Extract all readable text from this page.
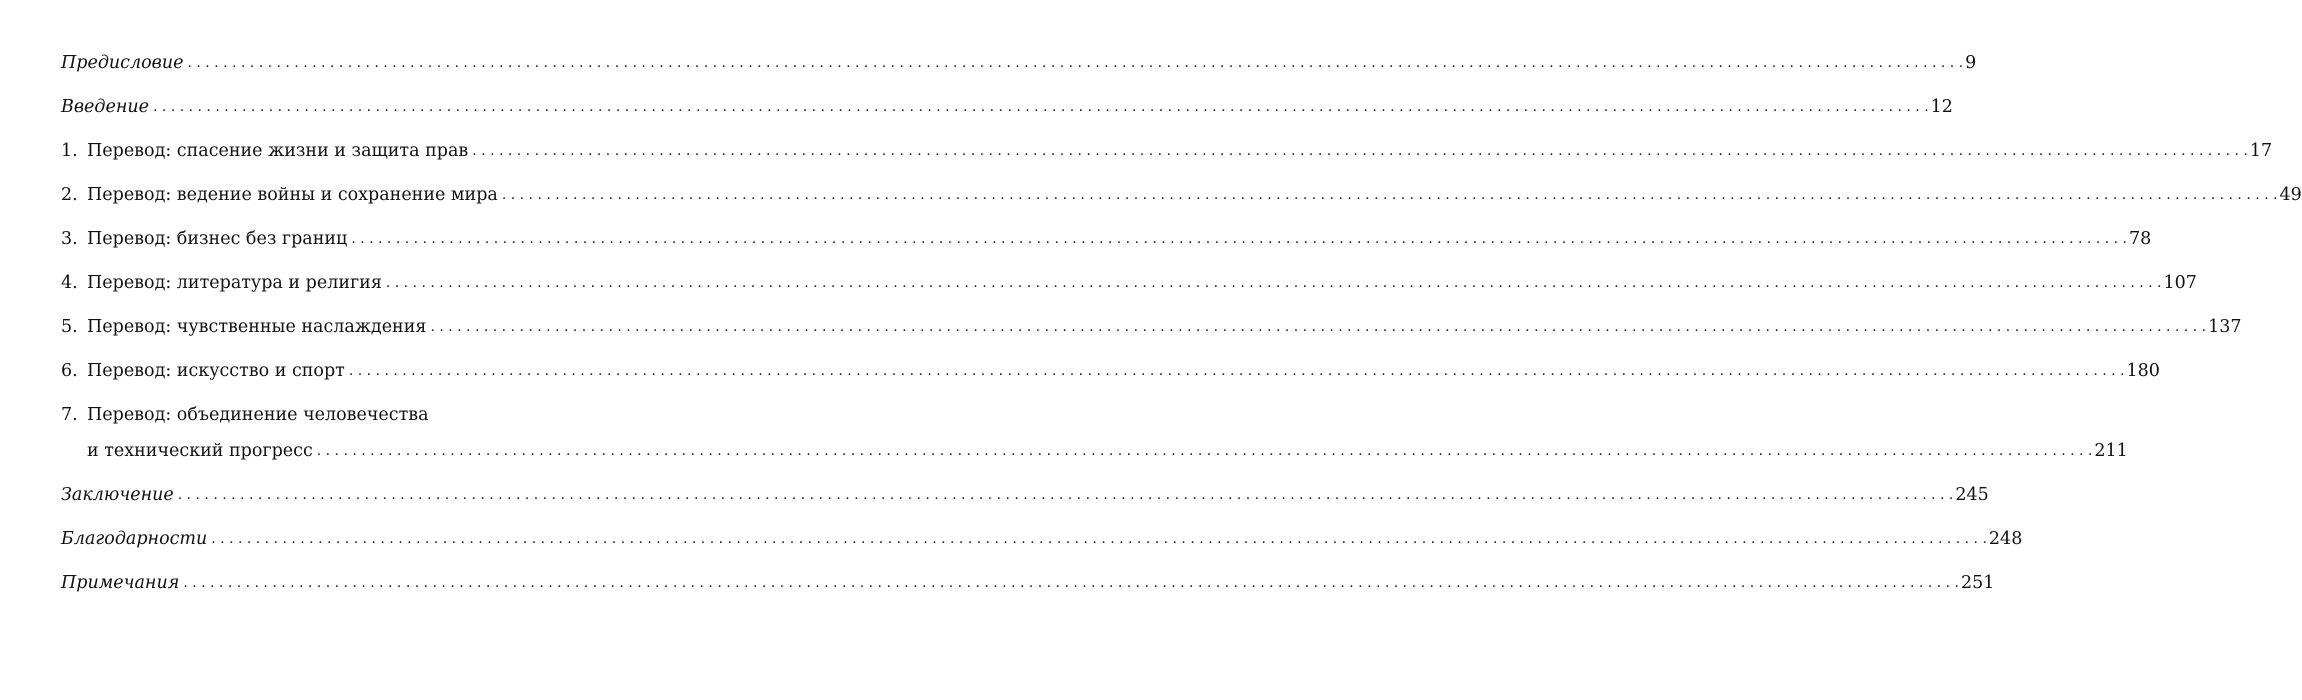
Предисловие . . . . . . . . . . . . . . . . . . . . . . . . . . . . . . . . . . . . . . . . . . . . . . . . . . . . . . . . . . . . . . . . . . . . . . . . . . . . . . . . . . . . . . . . . . . . . . . . . . . . . . . . . . . . . . . . . . . . . . . . . . . . . . . . . . . . . . . . . . . . . . . . . . . . . . . . . . . . . . . . . . . . . . . . . . . . . . . . . . . . . . . . . . . . . . . . . . . . . . . . 9
Введение . . . . . . . . . . . . . . . . . . . . . . . . . . . . . . . . . . . . . . . . . . . . . . . . . . . . . . . . . . . . . . . . . . . . . . . . . . . . . . . . . . . . . . . . . . . . . . . . . . . . . . . . . . . . . . . . . . . . . . . . . . . . . . . . . . . . . . . . . . . . . . . . . . . . . . . . . . . . . . . . . . . . . . . . . . . . . . . . . . . . . . . . . . . . . . . . . . . . . . . . 12
1. Перевод: спасение жизни и защита прав . . . . . . . . . . . . . . . . . . . . . . . . . . . . . . . . . . . . . . . . . . . . . . . . . . . . . . . . . . . . . . . . . . . . . . . . . . . . . . . . . . . . . . . . . . . . . . . . . . . . . . . . . . . . . . . . . . . . . . . . . . . . . . . . . . . . . . . . . . . . . . . . . . . . . . . . . . . . . . . . . . . . . . . . . . . . . . . . . . . . . . . . . . . . . . . . . . . . . . . . 17
2. Перевод: ведение войны и сохранение мира . . . . . . . . . . . . . . . . . . . . . . . . . . . . . . . . . . . . . . . . . . . . . . . . . . . . . . . . . . . . . . . . . . . . . . . . . . . . . . . . . . . . . . . . . . . . . . . . . . . . . . . . . . . . . . . . . . . . . . . . . . . . . . . . . . . . . . . . . . . . . . . . . . . . . . . . . . . . . . . . . . . . . . . . . . . . . . . . . . . . . . . . . . . . . . . . . . . . . . . . 49
3. Перевод: бизнес без границ . . . . . . . . . . . . . . . . . . . . . . . . . . . . . . . . . . . . . . . . . . . . . . . . . . . . . . . . . . . . . . . . . . . . . . . . . . . . . . . . . . . . . . . . . . . . . . . . . . . . . . . . . . . . . . . . . . . . . . . . . . . . . . . . . . . . . . . . . . . . . . . . . . . . . . . . . . . . . . . . . . . . . . . . . . . . . . . . . . . . . . . . . . . . . . . . . . . . . . . . 78
4. Перевод: литература и религия . . . . . . . . . . . . . . . . . . . . . . . . . . . . . . . . . . . . . . . . . . . . . . . . . . . . . . . . . . . . . . . . . . . . . . . . . . . . . . . . . . . . . . . . . . . . . . . . . . . . . . . . . . . . . . . . . . . . . . . . . . . . . . . . . . . . . . . . . . . . . . . . . . . . . . . . . . . . . . . . . . . . . . . . . . . . . . . . . . . . . . . . . . . . . . . . . . . . . . . . 107
5. Перевод: чувственные наслаждения . . . . . . . . . . . . . . . . . . . . . . . . . . . . . . . . . . . . . . . . . . . . . . . . . . . . . . . . . . . . . . . . . . . . . . . . . . . . . . . . . . . . . . . . . . . . . . . . . . . . . . . . . . . . . . . . . . . . . . . . . . . . . . . . . . . . . . . . . . . . . . . . . . . . . . . . . . . . . . . . . . . . . . . . . . . . . . . . . . . . . . . . . . . . . . . . . . . . . . . . 137
6. Перевод: искусство и спорт . . . . . . . . . . . . . . . . . . . . . . . . . . . . . . . . . . . . . . . . . . . . . . . . . . . . . . . . . . . . . . . . . . . . . . . . . . . . . . . . . . . . . . . . . . . . . . . . . . . . . . . . . . . . . . . . . . . . . . . . . . . . . . . . . . . . . . . . . . . . . . . . . . . . . . . . . . . . . . . . . . . . . . . . . . . . . . . . . . . . . . . . . . . . . . . . . . . . . . . . 180
7. Перевод: объединение человечества
и технический прогресс . . . . . . . . . . . . . . . . . . . . . . . . . . . . . . . . . . . . . . . . . . . . . . . . . . . . . . . . . . . . . . . . . . . . . . . . . . . . . . . . . . . . . . . . . . . . . . . . . . . . . . . . . . . . . . . . . . . . . . . . . . . . . . . . . . . . . . . . . . . . . . . . . . . . . . . . . . . . . . . . . . . . . . . . . . . . . . . . . . . . . . . . . . . . . . . . . . . . . . . . 211
Заключение . . . . . . . . . . . . . . . . . . . . . . . . . . . . . . . . . . . . . . . . . . . . . . . . . . . . . . . . . . . . . . . . . . . . . . . . . . . . . . . . . . . . . . . . . . . . . . . . . . . . . . . . . . . . . . . . . . . . . . . . . . . . . . . . . . . . . . . . . . . . . . . . . . . . . . . . . . . . . . . . . . . . . . . . . . . . . . . . . . . . . . . . . . . . . . . . . . . . . . . . 245
Благодарности . . . . . . . . . . . . . . . . . . . . . . . . . . . . . . . . . . . . . . . . . . . . . . . . . . . . . . . . . . . . . . . . . . . . . . . . . . . . . . . . . . . . . . . . . . . . . . . . . . . . . . . . . . . . . . . . . . . . . . . . . . . . . . . . . . . . . . . . . . . . . . . . . . . . . . . . . . . . . . . . . . . . . . . . . . . . . . . . . . . . . . . . . . . . . . . . . . . . . . . . 248
Примечания . . . . . . . . . . . . . . . . . . . . . . . . . . . . . . . . . . . . . . . . . . . . . . . . . . . . . . . . . . . . . . . . . . . . . . . . . . . . . . . . . . . . . . . . . . . . . . . . . . . . . . . . . . . . . . . . . . . . . . . . . . . . . . . . . . . . . . . . . . . . . . . . . . . . . . . . . . . . . . . . . . . . . . . . . . . . . . . . . . . . . . . . . . . . . . . . . . . . . . . . 251
